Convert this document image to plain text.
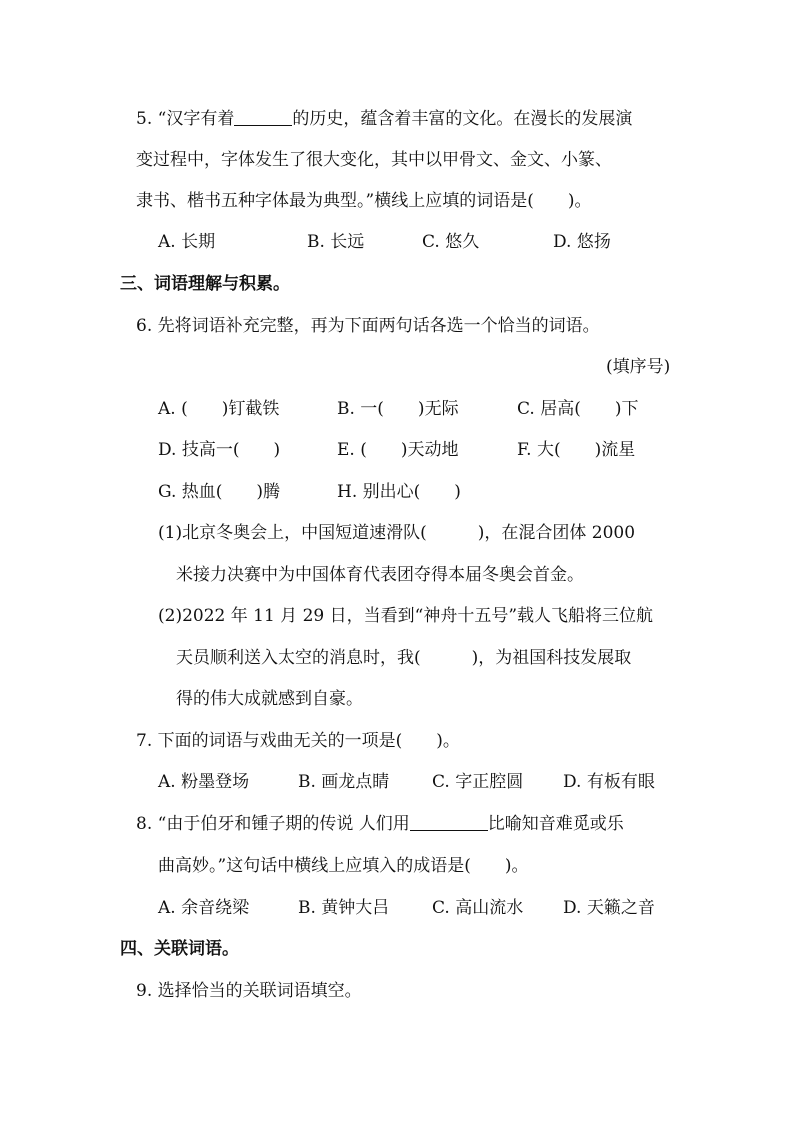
5. “汉字有着	的历史，蕴含着丰富的文化。在漫长的发展演
变过程中，字体发生了很大变化，其中以甲骨文、金文、小篆、
隶书、楷书五种字体最为典型。”横线上应填的词语是(　　)。
A. 长期	B. 长远	C. 悠久	D. 悠扬
三、词语理解与积累。
6. 先将词语补充完整，再为下面两句话各选一个恰当的词语。
(填序号)
A. (　　)钉截铁	B. 一(　　)无际	C. 居高(　　)下
D. 技高一(　　)	E. (　　)天动地	F. 大(　　)流星
G. 热血(　　)腾	H. 别出心(　　)
(1)北京冬奥会上，中国短道速滑队(　　　)，在混合团体 2000
米接力决赛中为中国体育代表团夺得本届冬奥会首金。
(2)2022 年 11 月 29 日，当看到“神舟十五号”载人飞船将三位航
天员顺利送入太空的消息时，我(　　　)，为祖国科技发展取
得的伟大成就感到自豪。
7. 下面的词语与戏曲无关的一项是(　　)。
A. 粉墨登场	B. 画龙点睛	C. 字正腔圆 D. 有板有眼
8. “由于伯牙和锺子期的传说 人们用	比喻知音难觅或乐
曲高妙。”这句话中横线上应填入的成语是(　　)。
A. 余音绕梁	B. 黄钟大吕	C. 高山流水 D. 天籁之音
四、关联词语。
9. 选择恰当的关联词语填空。
